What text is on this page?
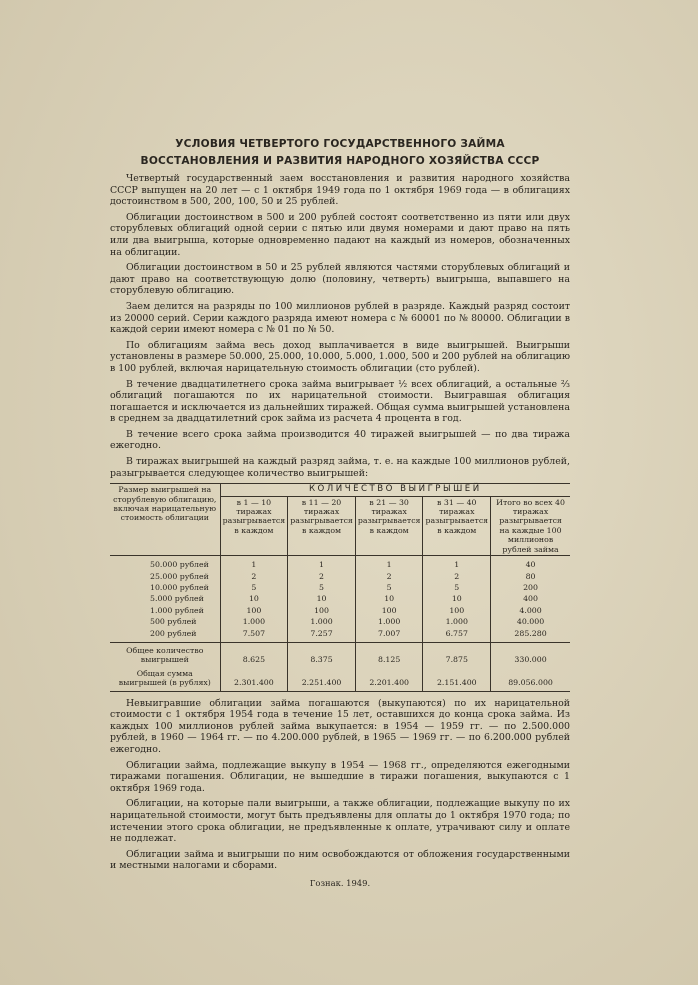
УСЛОВИЯ ЧЕТВЕРТОГО ГОСУДАРСТВЕННОГО ЗАЙМА
ВОССТАНОВЛЕНИЯ И РАЗВИТИЯ НАРОДНОГО ХОЗЯЙСТВА СССР

Четвертый государственный заем восстановления и развития народного хозяйства СССР выпущен на 20 лет — с 1 октября 1949 года по 1 октября 1969 года — в облигациях достоинством в 500, 200, 100, 50 и 25 рублей.

Облигации достоинством в 500 и 200 рублей состоят соответственно из пяти или двух сторублевых облигаций одной серии с пятью или двумя номерами и дают право на пять или два выигрыша, которые одновременно падают на каждый из номеров, обозначенных на облигации.

Облигации достоинством в 50 и 25 рублей являются частями сторублевых облигаций и дают право на соответствующую долю (половину, четверть) выигрыша, выпавшего на сторублевую облигацию.

Заем делится на разряды по 100 миллионов рублей в разряде. Каждый разряд состоит из 20000 серий. Серии каждого разряда имеют номера с № 60001 по № 80000. Облигации в каждой серии имеют номера с № 01 по № 50.

По облигациям займа весь доход выплачивается в виде выигрышей. Выигрыши установлены в размере 50.000, 25.000, 10.000, 5.000, 1.000, 500 и 200 рублей на облигацию в 100 рублей, включая нарицательную стоимость облигации (сто рублей).

В течение двадцатилетнего срока займа выигрывает ½ всех облигаций, а остальные ⅔ облигаций погашаются по их нарицательной стоимости. Выигравшая облигация погашается и исключается из дальнейших тиражей. Общая сумма выигрышей установлена в среднем за двадцатилетний срок займа из расчета 4 процента в год.

В течение всего срока займа производится 40 тиражей выигрышей — по два тиража ежегодно.

В тиражах выигрышей на каждый разряд займа, т. е. на каждые 100 миллионов рублей, разыгрывается следующее количество выигрышей:

Размер выигрышей на сторублевую облигацию, включая нарицательную стоимость облигации	КОЛИЧЕСТВО ВЫИГРЫШЕЙ				
	в 1 — 10 тиражах разыгрывается в каждом	в 11 — 20 тиражах разыгрывается в каждом	в 21 — 30 тиражах разыгрывается в каждом	в 31 — 40 тиражах разыгрывается в каждом	Итого во всех 40 тиражах разыгрывается на каждые 100 миллионов рублей займа
50.000 рублей	1	1	1	1	40
25.000 рублей	2	2	2	2	80
10.000 рублей	5	5	5	5	200
5.000 рублей	10	10	10	10	400
1.000 рублей	100	100	100	100	4.000
500 рублей	1.000	1.000	1.000	1.000	40.000
200 рублей	7.507	7.257	7.007	6.757	285.280
Общее количество выигрышей	8.625	8.375	8.125	7.875	330.000
Общая сумма выигрышей (в рублях)	2.301.400	2.251.400	2.201.400	2.151.400	89.056.000

Невыигравшие облигации займа погашаются (выкупаются) по их нарицательной стоимости с 1 октября 1954 года в течение 15 лет, оставшихся до конца срока займа. Из каждых 100 миллионов рублей займа выкупается: в 1954 — 1959 гг. — по 2.500.000 рублей, в 1960 — 1964 гг. — по 4.200.000 рублей, в 1965 — 1969 гг. — по 6.200.000 рублей ежегодно.

Облигации займа, подлежащие выкупу в 1954 — 1968 гг., определяются ежегодными тиражами погашения. Облигации, не вышедшие в тиражи погашения, выкупаются с 1 октября 1969 года.

Облигации, на которые пали выигрыши, а также облигации, подлежащие выкупу по их нарицательной стоимости, могут быть предъявлены для оплаты до 1 октября 1970 года; по истечении этого срока облигации, не предъявленные к оплате, утрачивают силу и оплате не подлежат.

Облигации займа и выигрыши по ним освобождаются от обложения государственными и местными налогами и сборами.

Гознак. 1949.
